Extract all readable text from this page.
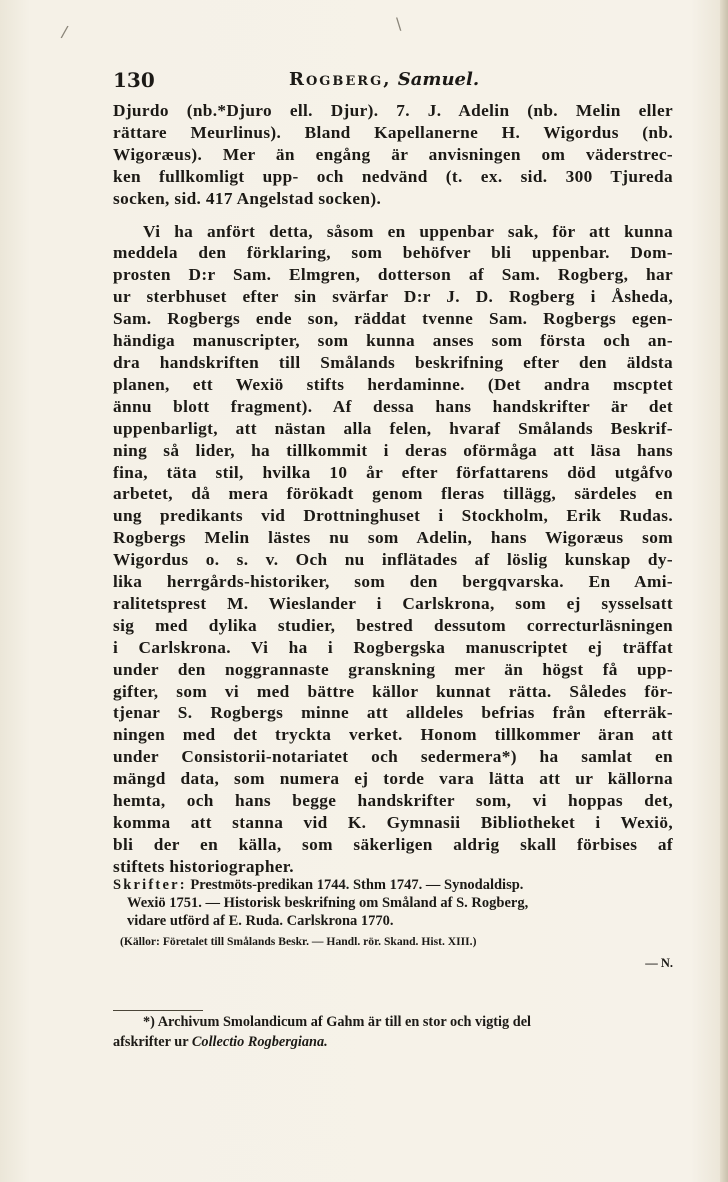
/	\
130	Rogberg, Samuel.
Djurdo (nb.*Djuro ell. Djur). 7. J. Adelin (nb. Melin eller
rättare Meurlinus). Bland Kapellanerne H. Wigordus (nb.
Wigoræus). Mer än engång är anvisningen om väderstrec-
ken fullkomligt upp- och nedvänd (t. ex. sid. 300 Tjureda
socken, sid. 417 Angelstad socken).
Vi ha anfört detta, såsom en uppenbar sak, för att kunna
meddela den förklaring, som behöfver bli uppenbar. Dom-
prosten D:r Sam. Elmgren, dotterson af Sam. Rogberg, har
ur sterbhuset efter sin svärfar D:r J. D. Rogberg i Åsheda,
Sam. Rogbergs ende son, räddat tvenne Sam. Rogbergs egen-
händiga manuscripter, som kunna anses som första och an-
dra handskriften till Smålands beskrifning efter den äldsta
planen, ett Wexiö stifts herdaminne. (Det andra mscptet
ännu blott fragment). Af dessa hans handskrifter är det
uppenbarligt, att nästan alla felen, hvaraf Smålands Beskrif-
ning så lider, ha tillkommit i deras oförmåga att läsa hans
fina, täta stil, hvilka 10 år efter författarens död utgåfvo
arbetet, då mera förökadt genom fleras tillägg, särdeles en
ung predikants vid Drottninghuset i Stockholm, Erik Rudas.
Rogbergs Melin lästes nu som Adelin, hans Wigoræus som
Wigordus o. s. v. Och nu inflätades af löslig kunskap dy-
lika herrgårds-historiker, som den bergqvarska. En Ami-
ralitetsprest M. Wieslander i Carlskrona, som ej sysselsatt
sig med dylika studier, bestred dessutom correcturläsningen
i Carlskrona. Vi ha i Rogbergska manuscriptet ej träffat
under den noggrannaste granskning mer än högst få upp-
gifter, som vi med bättre källor kunnat rätta. Således för-
tjenar S. Rogbergs minne att alldeles befrias från efterräk-
ningen med det tryckta verket. Honom tillkommer äran att
under Consistorii-notariatet och sedermera*) ha samlat en
mängd data, som numera ej torde vara lätta att ur källorna
hemta, och hans begge handskrifter som, vi hoppas det,
komma att stanna vid K. Gymnasii Bibliotheket i Wexiö,
bli der en källa, som säkerligen aldrig skall förbises af
stiftets historiographer.
Skrifter: Prestmöts-predikan 1744. Sthm 1747. — Synodaldisp.
Wexiö 1751. — Historisk beskrifning om Småland af S. Rogberg,
vidare utförd af E. Ruda. Carlskrona 1770.
(Källor: Företalet till Smålands Beskr. — Handl. rör. Skand. Hist. XIII.)
— N.
*) Archivum Smolandicum af Gahm är till en stor och vigtig del
afskrifter ur Collectio Rogbergiana.
